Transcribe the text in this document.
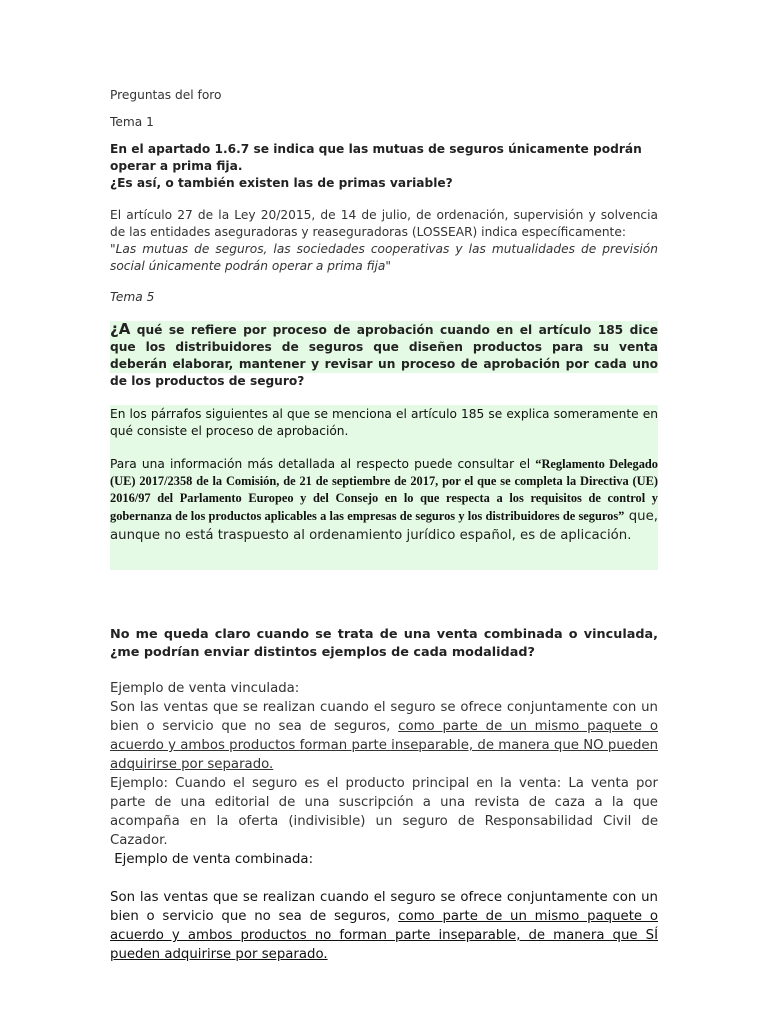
Preguntas del foro

Tema 1

En el apartado 1.6.7 se indica que las mutuas de seguros únicamente podrán operar a prima fija.

¿Es así, o también existen las de primas variable?

El artículo 27 de la Ley 20/2015, de 14 de julio, de ordenación, supervisión y solvencia de las entidades aseguradoras y reaseguradoras (LOSSEAR) indica específicamente:

"Las mutuas de seguros, las sociedades cooperativas y las mutualidades de previsión social únicamente podrán operar a prima fija"

Tema 5

¿A qué se refiere por proceso de aprobación cuando en el artículo 185 dice que los distribuidores de seguros que diseñen productos para su venta deberán elaborar, mantener y revisar un proceso de aprobación por cada uno de los productos de seguro?

En los párrafos siguientes al que se menciona el artículo 185 se explica someramente en qué consiste el proceso de aprobación.

Para una información más detallada al respecto puede consultar el “Reglamento Delegado (UE) 2017/2358 de la Comisión, de 21 de septiembre de 2017, por el que se completa la Directiva (UE) 2016/97 del Parlamento Europeo y del Consejo en lo que respecta a los requisitos de control y gobernanza de los productos aplicables a las empresas de seguros y los distribuidores de seguros” que, aunque no está traspuesto al ordenamiento jurídico español, es de aplicación.

No me queda claro cuando se trata de una venta combinada o vinculada, ¿me podrían enviar distintos ejemplos de cada modalidad?

Ejemplo de venta vinculada:

Son las ventas que se realizan cuando el seguro se ofrece conjuntamente con un bien o servicio que no sea de seguros, como parte de un mismo paquete o acuerdo y ambos productos forman parte inseparable, de manera que NO pueden adquirirse por separado.

Ejemplo: Cuando el seguro es el producto principal en la venta: La venta por parte de una editorial de una suscripción a una revista de caza a la que acompaña en la oferta (indivisible) un seguro de Responsabilidad Civil de Cazador.

Ejemplo de venta combinada:

Son las ventas que se realizan cuando el seguro se ofrece conjuntamente con un bien o servicio que no sea de seguros, como parte de un mismo paquete o acuerdo y ambos productos no forman parte inseparable, de manera que SÍ pueden adquirirse por separado.
